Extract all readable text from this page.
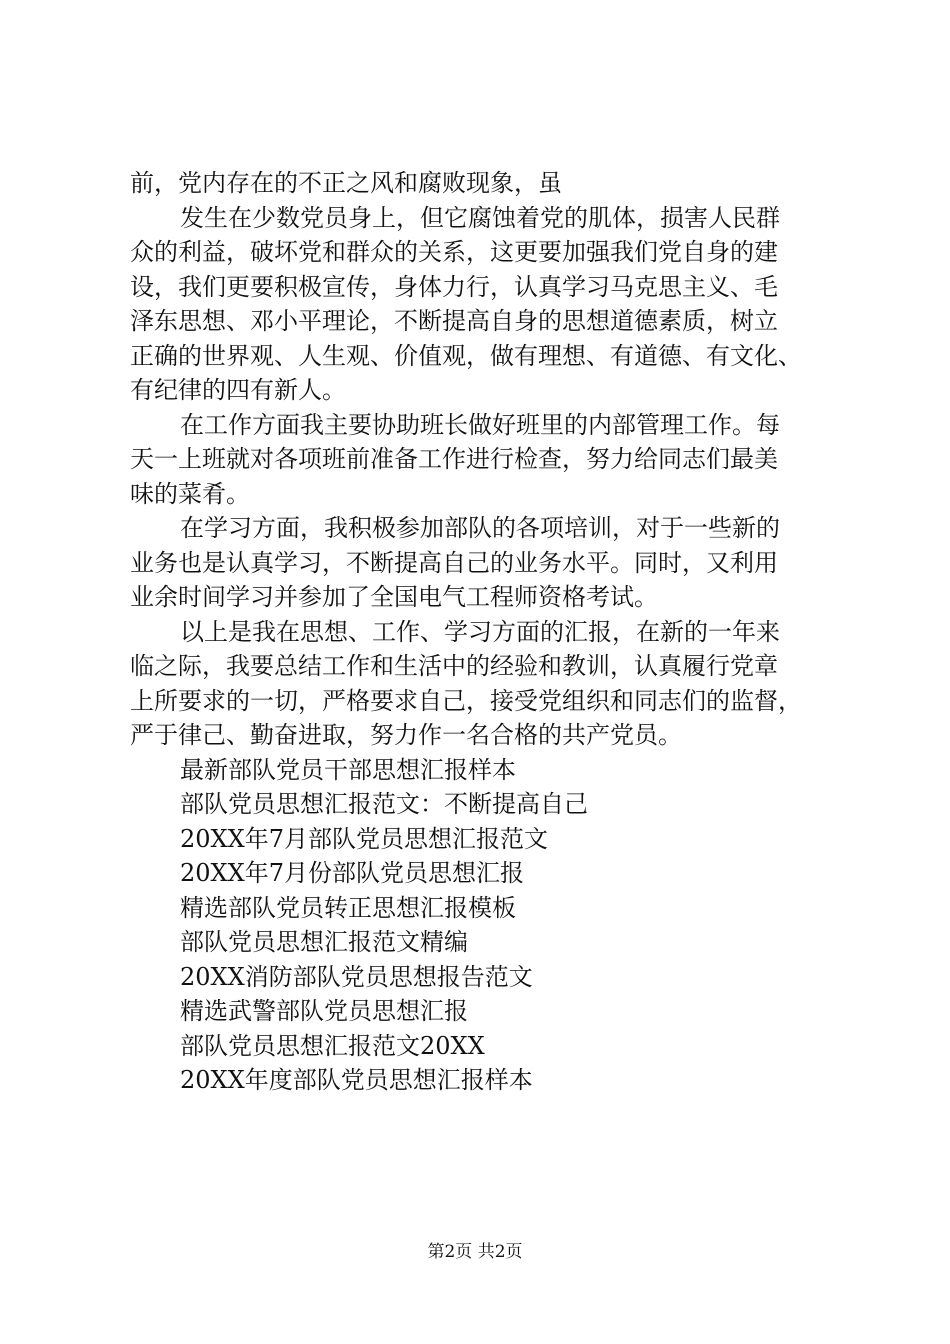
前，党内存在的不正之风和腐败现象，虽
发生在少数党员身上，但它腐蚀着党的肌体，损害人民群
众的利益，破坏党和群众的关系，这更要加强我们党自身的建
设，我们更要积极宣传，身体力行，认真学习马克思主义、毛
泽东思想、邓小平理论，不断提高自身的思想道德素质，树立
正确的世界观、人生观、价值观，做有理想、有道德、有文化、
有纪律的四有新人。
在工作方面我主要协助班长做好班里的内部管理工作。每
天一上班就对各项班前准备工作进行检查，努力给同志们最美
味的菜肴。
在学习方面，我积极参加部队的各项培训，对于一些新的
业务也是认真学习，不断提高自己的业务水平。同时，又利用
业余时间学习并参加了全国电气工程师资格考试。
以上是我在思想、工作、学习方面的汇报，在新的一年来
临之际，我要总结工作和生活中的经验和教训，认真履行党章
上所要求的一切，严格要求自己，接受党组织和同志们的监督，
严于律己、勤奋进取，努力作一名合格的共产党员。
最新部队党员干部思想汇报样本
部队党员思想汇报范文：不断提高自己
20XX年7月部队党员思想汇报范文
20XX年7月份部队党员思想汇报
精选部队党员转正思想汇报模板
部队党员思想汇报范文精编
20XX消防部队党员思想报告范文
精选武警部队党员思想汇报
部队党员思想汇报范文20XX
20XX年度部队党员思想汇报样本
第2页 共2页
